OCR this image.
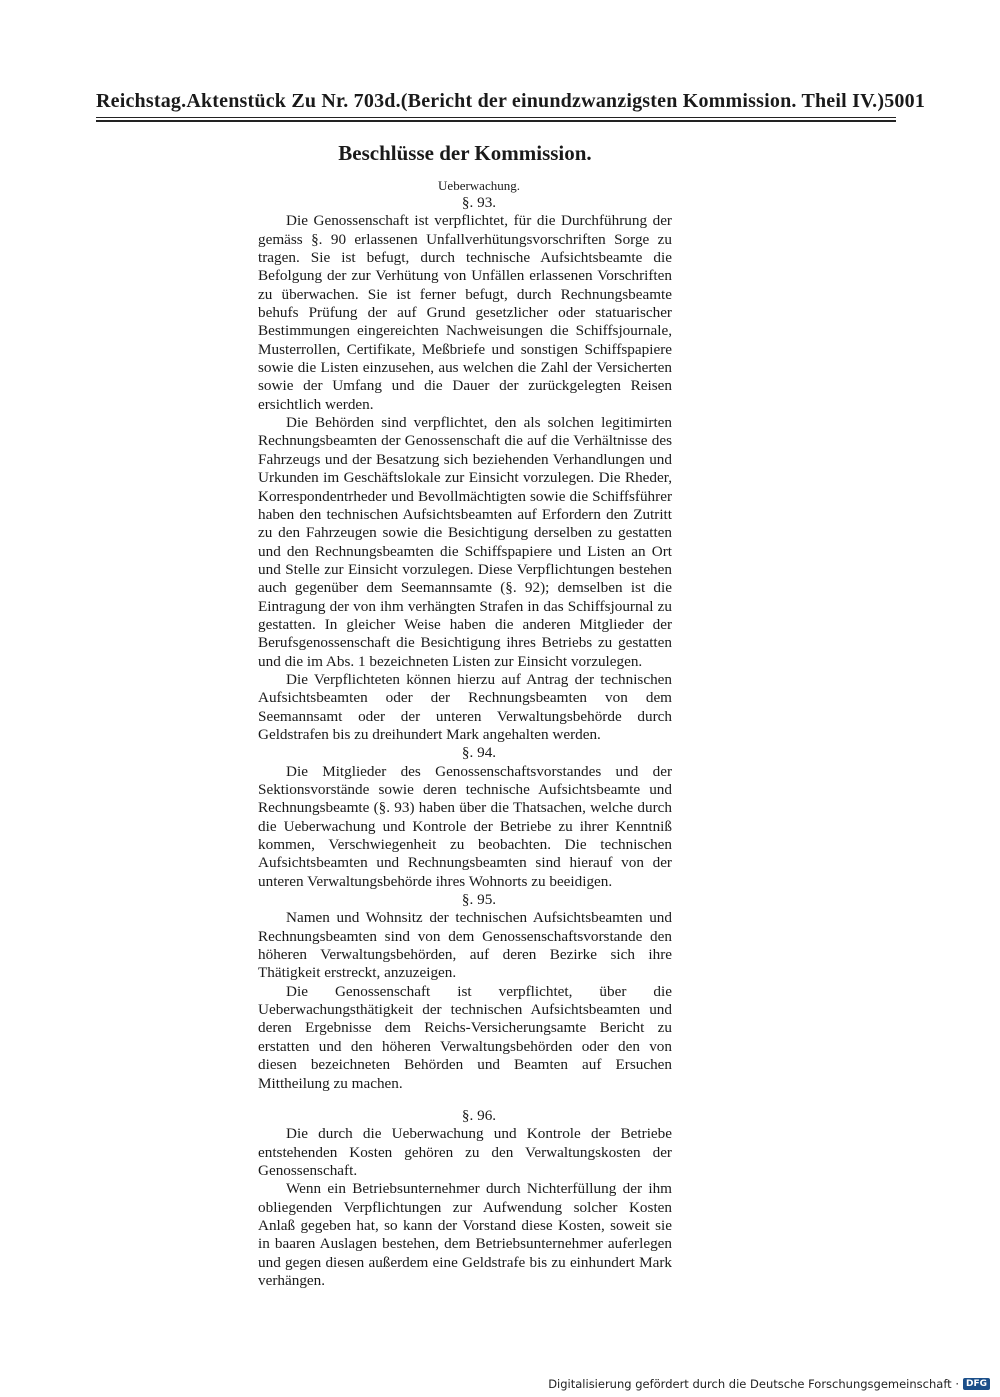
Reichstag. Aktenstück Zu Nr. 703d. (Bericht der einundzwanzigsten Kommission. Theil IV.) 5001
Beschlüsse der Kommission.

Ueberwachung.

§. 93.

Die Genossenschaft ist verpflichtet, für die Durchführung der gemäss §. 90 erlassenen Unfallverhütungsvorschriften Sorge zu tragen. Sie ist befugt, durch technische Aufsichtsbeamte die Befolgung der zur Verhütung von Unfällen erlassenen Vorschriften zu überwachen. Sie ist ferner befugt, durch Rechnungsbeamte behufs Prüfung der auf Grund gesetzlicher oder statuarischer Bestimmungen eingereichten Nachweisungen die Schiffsjournale, Musterrollen, Certifikate, Meßbriefe und sonstigen Schiffspapiere sowie die Listen einzusehen, aus welchen die Zahl der Versicherten sowie der Umfang und die Dauer der zurückgelegten Reisen ersichtlich werden.

Die Behörden sind verpflichtet, den als solchen legitimirten Rechnungsbeamten der Genossenschaft die auf die Verhältnisse des Fahrzeugs und der Besatzung sich beziehenden Verhandlungen und Urkunden im Geschäftslokale zur Einsicht vorzulegen. Die Rheder, Korrespondentrheder und Bevollmächtigten sowie die Schiffsführer haben den technischen Aufsichtsbeamten auf Erfordern den Zutritt zu den Fahrzeugen sowie die Besichtigung derselben zu gestatten und den Rechnungsbeamten die Schiffspapiere und Listen an Ort und Stelle zur Einsicht vorzulegen. Diese Verpflichtungen bestehen auch gegenüber dem Seemannsamte (§. 92); demselben ist die Eintragung der von ihm verhängten Strafen in das Schiffsjournal zu gestatten. In gleicher Weise haben die anderen Mitglieder der Berufsgenossenschaft die Besichtigung ihres Betriebs zu gestatten und die im Abs. 1 bezeichneten Listen zur Einsicht vorzulegen.

Die Verpflichteten können hierzu auf Antrag der technischen Aufsichtsbeamten oder der Rechnungsbeamten von dem Seemannsamt oder der unteren Verwaltungsbehörde durch Geldstrafen bis zu dreihundert Mark angehalten werden.

§. 94.

Die Mitglieder des Genossenschaftsvorstandes und der Sektionsvorstände sowie deren technische Aufsichtsbeamte und Rechnungsbeamte (§. 93) haben über die Thatsachen, welche durch die Ueberwachung und Kontrole der Betriebe zu ihrer Kenntniß kommen, Verschwiegenheit zu beobachten. Die technischen Aufsichtsbeamten und Rechnungsbeamten sind hierauf von der unteren Verwaltungsbehörde ihres Wohnorts zu beeidigen.

§. 95.

Namen und Wohnsitz der technischen Aufsichtsbeamten und Rechnungsbeamten sind von dem Genossenschaftsvorstande den höheren Verwaltungsbehörden, auf deren Bezirke sich ihre Thätigkeit erstreckt, anzuzeigen.

Die Genossenschaft ist verpflichtet, über die Ueberwachungsthätigkeit der technischen Aufsichtsbeamten und deren Ergebnisse dem Reichs-Versicherungsamte Bericht zu erstatten und den höheren Verwaltungsbehörden oder den von diesen bezeichneten Behörden und Beamten auf Ersuchen Mittheilung zu machen.

§. 96.

Die durch die Ueberwachung und Kontrole der Betriebe entstehenden Kosten gehören zu den Verwaltungskosten der Genossenschaft.

Wenn ein Betriebsunternehmer durch Nichterfüllung der ihm obliegenden Verpflichtungen zur Aufwendung solcher Kosten Anlaß gegeben hat, so kann der Vorstand diese Kosten, soweit sie in baaren Auslagen bestehen, dem Betriebsunternehmer auferlegen und gegen diesen außerdem eine Geldstrafe bis zu einhundert Mark verhängen.

Digitalisierung gefördert durch die Deutsche Forschungsgemeinschaft · DFG
